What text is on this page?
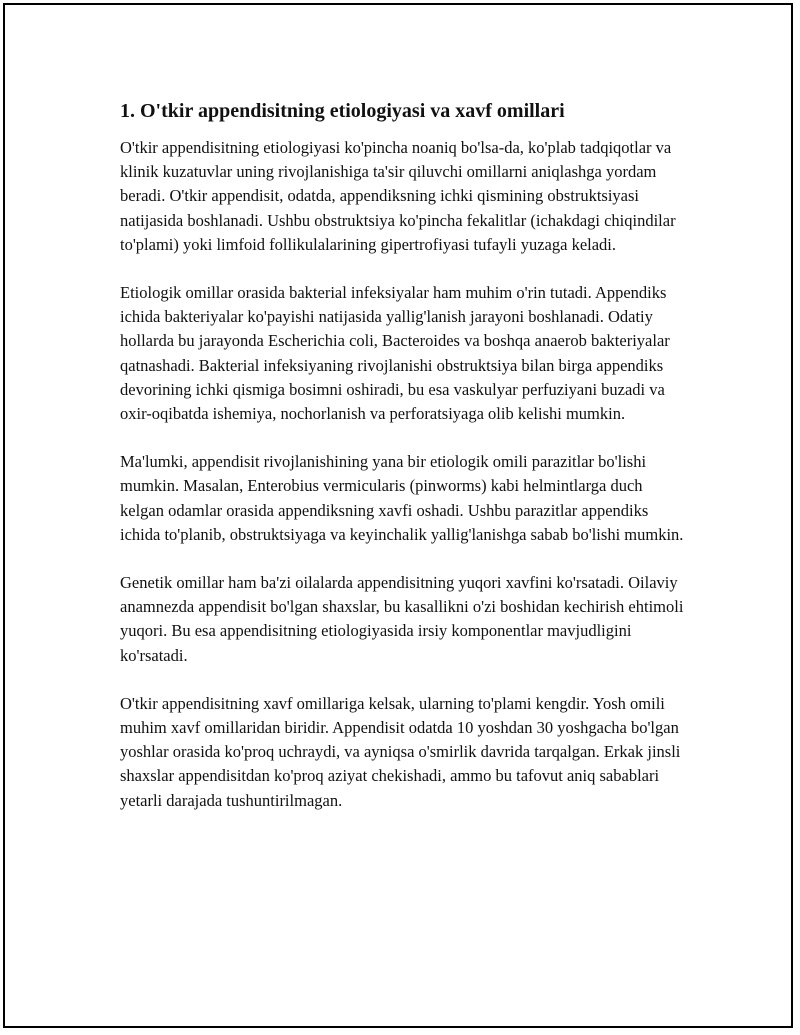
1. O'tkir appendisitning etiologiyasi va xavf omillari

O'tkir appendisitning etiologiyasi ko'pincha noaniq bo'lsa-da, ko'plab tadqiqotlar va klinik kuzatuvlar uning rivojlanishiga ta'sir qiluvchi omillarni aniqlashga yordam beradi. O'tkir appendisit, odatda, appendiksning ichki qismining obstruktsiyasi natijasida boshlanadi. Ushbu obstruktsiya ko'pincha fekalitlar (ichakdagi chiqindilar to'plami) yoki limfoid follikulalarining gipertrofiyasi tufayli yuzaga keladi.

Etiologik omillar orasida bakterial infeksiyalar ham muhim o'rin tutadi. Appendiks ichida bakteriyalar ko'payishi natijasida yallig'lanish jarayoni boshlanadi. Odatiy hollarda bu jarayonda Escherichia coli, Bacteroides va boshqa anaerob bakteriyalar qatnashadi. Bakterial infeksiyaning rivojlanishi obstruktsiya bilan birga appendiks devorining ichki qismiga bosimni oshiradi, bu esa vaskulyar perfuziyani buzadi va oxir-oqibatda ishemiya, nochorlanish va perforatsiyaga olib kelishi mumkin.

Ma'lumki, appendisit rivojlanishining yana bir etiologik omili parazitlar bo'lishi mumkin. Masalan, Enterobius vermicularis (pinworms) kabi helmintlarga duch kelgan odamlar orasida appendiksning xavfi oshadi. Ushbu parazitlar appendiks ichida to'planib, obstruktsiyaga va keyinchalik yallig'lanishga sabab bo'lishi mumkin.

Genetik omillar ham ba'zi oilalarda appendisitning yuqori xavfini ko'rsatadi. Oilaviy anamnezda appendisit bo'lgan shaxslar, bu kasallikni o'zi boshidan kechirish ehtimoli yuqori. Bu esa appendisitning etiologiyasida irsiy komponentlar mavjudligini ko'rsatadi.

O'tkir appendisitning xavf omillariga kelsak, ularning to'plami kengdir. Yosh omili muhim xavf omillaridan biridir. Appendisit odatda 10 yoshdan 30 yoshgacha bo'lgan yoshlar orasida ko'proq uchraydi, va ayniqsa o'smirlik davrida tarqalgan. Erkak jinsli shaxslar appendisitdan ko'proq aziyat chekishadi, ammo bu tafovut aniq sabablari yetarli darajada tushuntirilmagan.
